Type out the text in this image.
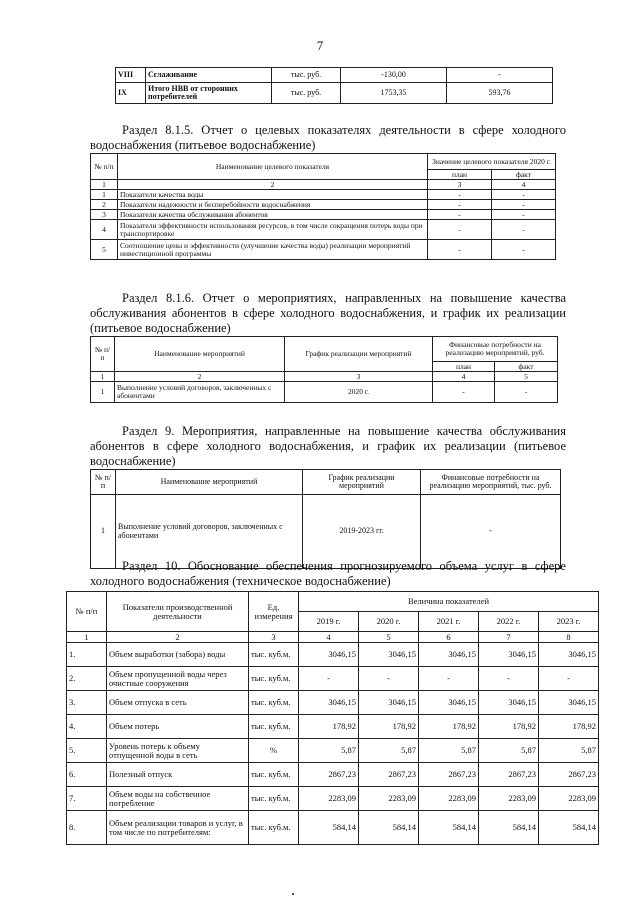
7
VIII	Сглаживание	тыс. руб.	-130,00	-
IX	Итого НВВ от сторонних потребителей	тыс. руб.	1753,35	593,76
Раздел 8.1.5. Отчет о целевых показателях деятельности в сфере холодного водоснабжения (питьевое водоснабжение)
№ п/п	Наименование целевого показателя	Значение целевого показателя 2020 г.	
		план	факт
1	2	3	4
1	Показатели качества воды	-	-
2	Показатели надежности и бесперебойности водоснабжения	-	-
3	Показатели качества обслуживания абонентов	-	-
4	Показатели эффективности использования ресурсов, в том числе сокращения потерь воды при транспортировке	-	-
5	Соотношение цены и эффективности (улучшение качества воды) реализации мероприятий инвестиционной программы	-	-
Раздел 8.1.6. Отчет о мероприятиях, направленных на повышение качества обслуживания абонентов в сфере холодного водоснабжения, и график их реализации (питьевое водоснабжение)
№ п/п	Наименование мероприятий	График реализации мероприятий	Финансовые потребности на реализацию мероприятий, руб.	
			план	факт
1	2	3	4	5
1	Выполнение условий договоров, заключенных с абонентами	2020 г.	-	-
Раздел 9. Мероприятия, направленные на повышение качества обслуживания абонентов в сфере холодного водоснабжения, и график их реализации (питьевое водоснабжение)
№ п/п	Наименование мероприятий	График реализации мероприятий	Финансовые потребности на реализацию мероприятий, тыс. руб.
1	Выполнение условий договоров, заключенных с абонентами	2019-2023 гг.	-
Раздел 10. Обоснование обеспечения прогнозируемого объема услуг в сфере холодного водоснабжения (техническое водоснабжение)
№ п/п	Показатели производственной деятельности	Ед. измерения	Величина показателей				
			2019 г.	2020 г.	2021 г.	2022 г.	2023 г.
1	2	3	4	5	6	7	8
1.	Объем выработки (забора) воды	тыс. куб.м.	3046,15	3046,15	3046,15	3046,15	3046,15
2.	Объем пропущенной воды через очистные сооружения	тыс. куб.м.	-	-	-	-	-
3.	Объем отпуска в сеть	тыс. куб.м.	3046,15	3046,15	3046,15	3046,15	3046,15
4.	Объем потерь	тыс. куб.м.	178,92	178,92	178,92	178,92	178,92
5.	Уровень потерь к объему отпущенной воды в сеть	%	5,87	5,87	5,87	5,87	5,87
6.	Полезный отпуск	тыс. куб.м.	2867,23	2867,23	2867,23	2867,23	2867,23
7.	Объем воды на собственное потребление	тыс. куб.м.	2283,09	2283,09	2283,09	2283,09	2283,09
8.	Объем реализации товаров и услуг, в том числе по потребителям:	тыс. куб.м.	584,14	584,14	584,14	584,14	584,14
